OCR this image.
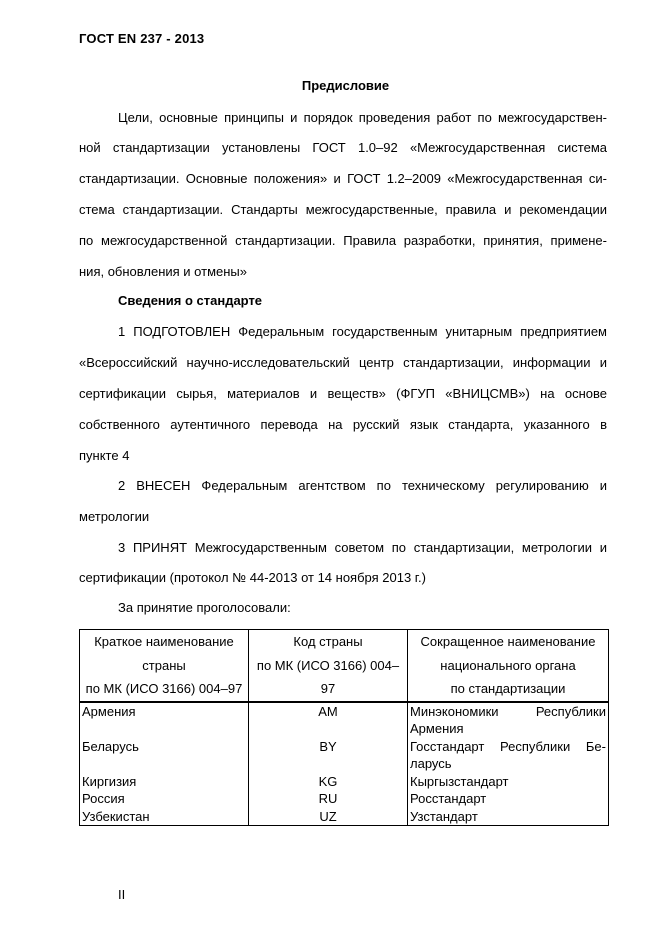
ГОСТ EN 237 - 2013
Предисловие
Цели, основные принципы и порядок проведения работ по межгосударствен-
ной стандартизации установлены ГОСТ 1.0–92 «Межгосударственная система
стандартизации. Основные положения» и ГОСТ 1.2–2009 «Межгосударственная си-
стема стандартизации. Стандарты межгосударственные, правила и рекомендации
по межгосударственной стандартизации. Правила разработки, принятия, примене-
ния, обновления и отмены»
Сведения о стандарте
1 ПОДГОТОВЛЕН Федеральным государственным унитарным предприятием
«Всероссийский научно-исследовательский центр стандартизации, информации и
сертификации сырья, материалов и веществ» (ФГУП «ВНИЦСМВ») на основе
собственного аутентичного перевода на русский язык стандарта, указанного в
пункте 4
2 ВНЕСЕН Федеральным агентством по техническому регулированию и
метрологии
3 ПРИНЯТ Межгосударственным советом по стандартизации, метрологии и
сертификации (протокол № 44-2013 от 14 ноября 2013 г.)
За принятие проголосовали:
Краткое наименование	Код страны	Сокращенное наименование
страны	по МК (ИСО 3166) 004–	национального органа
по МК (ИСО 3166) 004–97	97	по стандартизации
Армения	AM	Минэкономики Республики Армения
Беларусь	BY	Госстандарт Республики Бе-ларусь
Киргизия	KG	Кыргызстандарт
Россия	RU	Росстандарт
Узбекистан	UZ	Узстандарт
II
